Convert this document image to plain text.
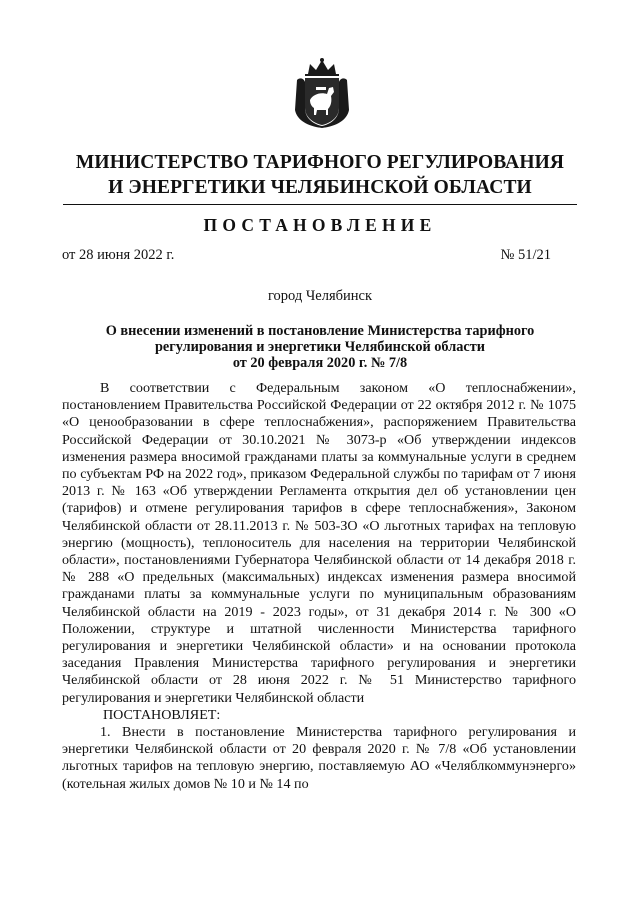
МИНИСТЕРСТВО ТАРИФНОГО РЕГУЛИРОВАНИЯ
И ЭНЕРГЕТИКИ ЧЕЛЯБИНСКОЙ ОБЛАСТИ
ПОСТАНОВЛЕНИЕ
от 28 июня 2022 г.	№ 51/21
город Челябинск
О внесении изменений в постановление Министерства тарифного
регулирования и энергетики Челябинской области
от 20 февраля 2020 г. № 7/8

В соответствии с Федеральным законом «О теплоснабжении», постановлением Правительства Российской Федерации от 22 октября 2012 г. № 1075 «О ценообразовании в сфере теплоснабжения», распоряжением Правительства Российской Федерации от 30.10.2021 № 3073-р «Об утверждении индексов изменения размера вносимой гражданами платы за коммунальные услуги в среднем по субъектам РФ на 2022 год», приказом Федеральной службы по тарифам от 7 июня 2013 г. № 163 «Об утверждении Регламента открытия дел об установлении цен (тарифов) и отмене регулирования тарифов в сфере теплоснабжения», Законом Челябинской области от 28.11.2013 г. № 503-ЗО «О льготных тарифах на тепловую энергию (мощность), теплоноситель для населения на территории Челябинской области», постановлениями Губернатора Челябинской области от 14 декабря 2018 г. № 288 «О предельных (максимальных) индексах изменения размера вносимой гражданами платы за коммунальные услуги по муниципальным образованиям Челябинской области на 2019 - 2023 годы», от 31 декабря 2014 г. № 300 «О Положении, структуре и штатной численности Министерства тарифного регулирования и энергетики Челябинской области» и на основании протокола заседания Правления Министерства тарифного регулирования и энергетики Челябинской области от 28 июня 2022 г. № 51 Министерство тарифного регулирования и энергетики Челябинской области

ПОСТАНОВЛЯЕТ:

1. Внести в постановление Министерства тарифного регулирования и энергетики Челябинской области от 20 февраля 2020 г. № 7/8 «Об установлении льготных тарифов на тепловую энергию, поставляемую АО «Челяблкоммунэнерго» (котельная жилых домов № 10 и № 14 по
